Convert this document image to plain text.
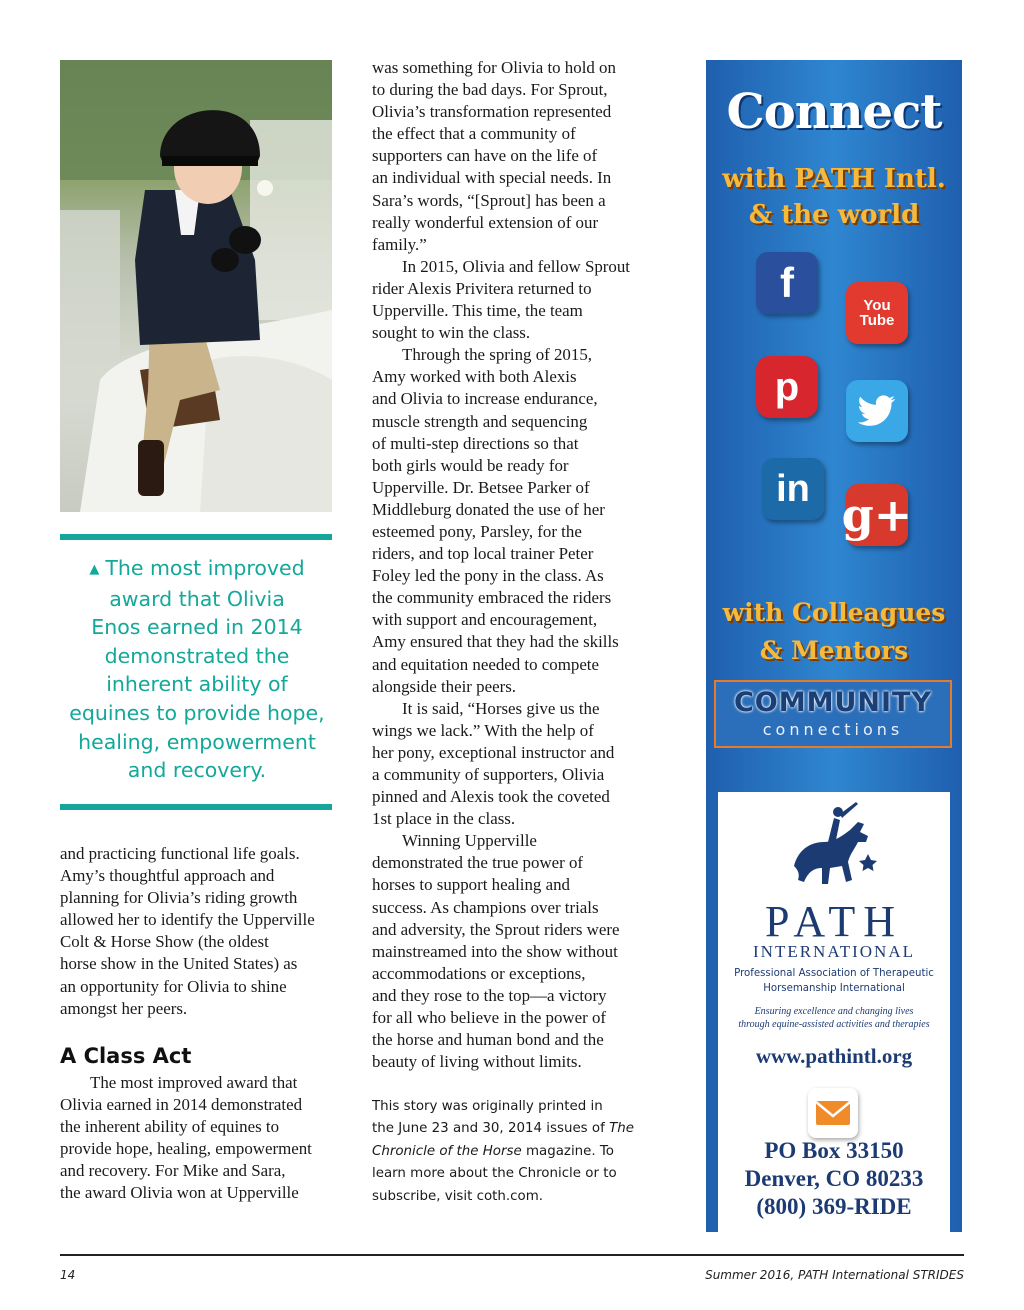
▲ The most improved
award that Olivia
Enos earned in 2014
demonstrated the
inherent ability of
equines to provide hope,
healing, empowerment
and recovery.
and practicing functional life goals.
Amy’s thoughtful approach and
planning for Olivia’s riding growth
allowed her to identify the Upperville
Colt & Horse Show (the oldest
horse show in the United States) as
an opportunity for Olivia to shine
amongst her peers.
A Class Act
The most improved award that
Olivia earned in 2014 demonstrated
the inherent ability of equines to
provide hope, healing, empowerment
and recovery. For Mike and Sara,
the award Olivia won at Upperville
was something for Olivia to hold on
to during the bad days. For Sprout,
Olivia’s transformation represented
the effect that a community of
supporters can have on the life of
an individual with special needs. In
Sara’s words, “[Sprout] has been a
really wonderful extension of our
family.”
In 2015, Olivia and fellow Sprout
rider Alexis Privitera returned to
Upperville. This time, the team
sought to win the class.
Through the spring of 2015,
Amy worked with both Alexis
and Olivia to increase endurance,
muscle strength and sequencing
of multi-step directions so that
both girls would be ready for
Upperville. Dr. Betsee Parker of
Middleburg donated the use of her
esteemed pony, Parsley, for the
riders, and top local trainer Peter
Foley led the pony in the class. As
the community embraced the riders
with support and encouragement,
Amy ensured that they had the skills
and equitation needed to compete
alongside their peers.
It is said, “Horses give us the
wings we lack.” With the help of
her pony, exceptional instructor and
a community of supporters, Olivia
pinned and Alexis took the coveted
1st place in the class.
Winning Upperville
demonstrated the true power of
horses to support healing and
success. As champions over trials
and adversity, the Sprout riders were
mainstreamed into the show without
accommodations or exceptions,
and they rose to the top—a victory
for all who believe in the power of
the horse and human bond and the
beauty of living without limits.
This story was originally printed in
the June 23 and 30, 2014 issues of The
Chronicle of the Horse magazine. To
learn more about the Chronicle or to
subscribe, visit coth.com.
Connect
with PATH Intl.
& the world
f	You
Tube
p
in g+
with Colleagues
& Mentors
COMMUNITY
connections
PATH
INTERNATIONAL
Professional Association of Therapeutic
Horsemanship International
Ensuring excellence and changing lives
through equine-assisted activities and therapies
www.pathintl.org
PO Box 33150
Denver, CO 80233
(800) 369-RIDE
14	Summer 2016, PATH International STRIDES
